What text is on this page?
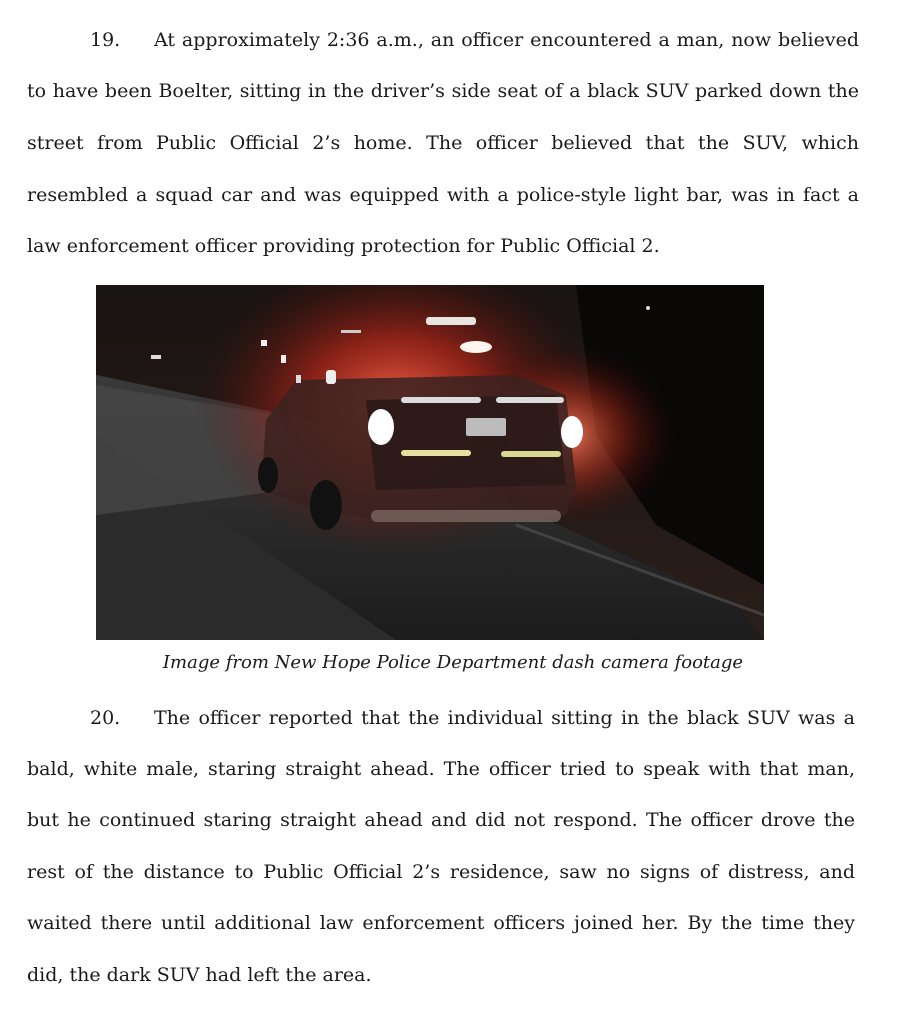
19. At approximately 2:36 a.m., an officer encountered a man, now believed
to have been Boelter, sitting in the driver’s side seat of a black SUV parked down the
street from Public Official 2’s home. The officer believed that the SUV, which
resembled a squad car and was equipped with a police-style light bar, was in fact a
law enforcement officer providing protection for Public Official 2.
Image from New Hope Police Department dash camera footage
20. The officer reported that the individual sitting in the black SUV was a
bald, white male, staring straight ahead. The officer tried to speak with that man,
but he continued staring straight ahead and did not respond. The officer drove the
rest of the distance to Public Official 2’s residence, saw no signs of distress, and
waited there until additional law enforcement officers joined her. By the time they
did, the dark SUV had left the area.
